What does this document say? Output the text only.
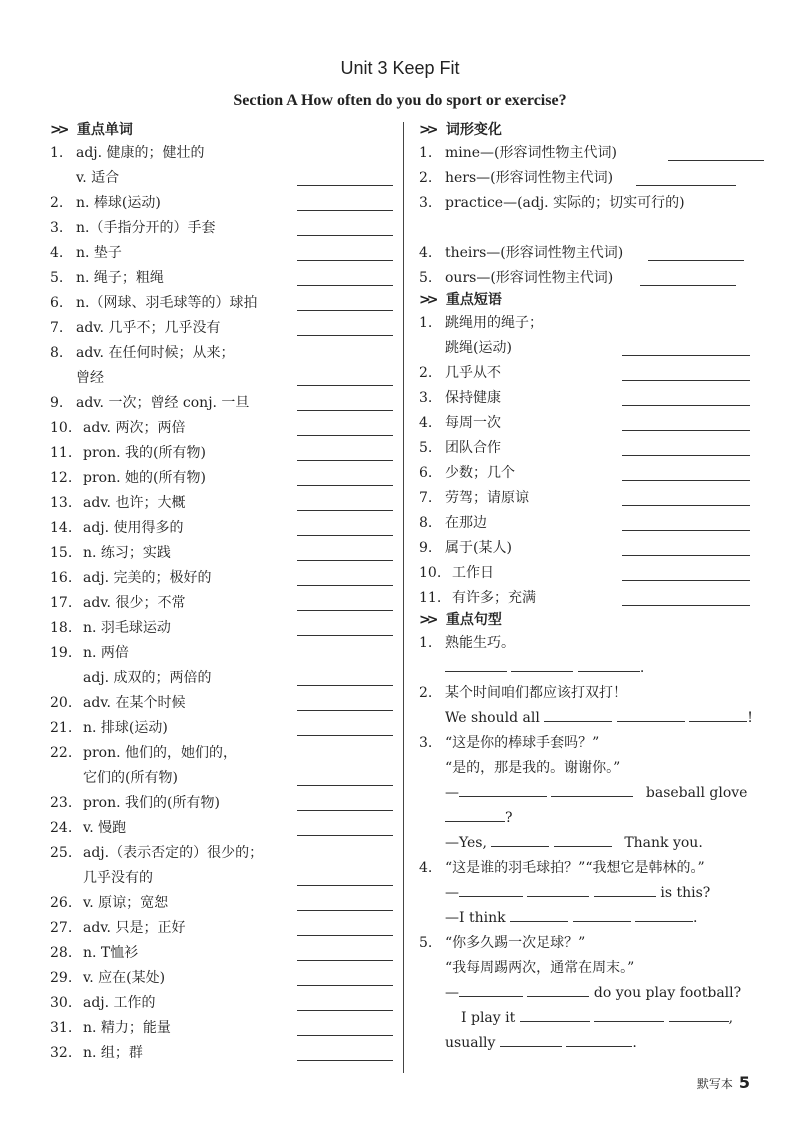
Unit 3 Keep Fit
Section A How often do you do sport or exercise?
>> 重点单词
1. adj. 健康的；健壮的
v. 适合
2. n. 棒球(运动)
3. n.（手指分开的）手套
4. n. 垫子
5. n. 绳子；粗绳
6. n.（网球、羽毛球等的）球拍
7. adv. 几乎不；几乎没有
8. adv. 在任何时候；从来；
曾经
9. adv. 一次；曾经 conj. 一旦
10. adv. 两次；两倍
11. pron. 我的(所有物)
12. pron. 她的(所有物)
13. adv. 也许；大概
14. adj. 使用得多的
15. n. 练习；实践
16. adj. 完美的；极好的
17. adv. 很少；不常
18. n. 羽毛球运动
19. n. 两倍
adj. 成双的；两倍的
20. adv. 在某个时候
21. n. 排球(运动)
22. pron. 他们的，她们的，
它们的(所有物)
23. pron. 我们的(所有物)
24. v. 慢跑
25. adj.（表示否定的）很少的；
几乎没有的
26. v. 原谅；宽恕
27. adv. 只是；正好
28. n. T恤衫
29. v. 应在(某处)
30. adj. 工作的
31. n. 精力；能量
32. n. 组；群
>> 词形变化
1. mine—(形容词性物主代词)
2. hers—(形容词性物主代词)
3. practice—(adj. 实际的；切实可行的)
4. theirs—(形容词性物主代词)
5. ours—(形容词性物主代词)
>> 重点短语
1. 跳绳用的绳子；
跳绳(运动)
2. 几乎从不
3. 保持健康
4. 每周一次
5. 团队合作
6. 少数；几个
7. 劳驾；请原谅
8. 在那边
9. 属于(某人)
10. 工作日
11. 有许多；充满
>> 重点句型
1. 熟能生巧。
.
2. 某个时间咱们都应该打双打！
We should all	!
3. “这是你的棒球手套吗？”
“是的，那是我的。谢谢你。”
—	baseball glove
?
—Yes,	Thank you.
4. “这是谁的羽毛球拍？”“我想它是韩林的。”
—	is this?
—I think	.
5. “你多久踢一次足球？”
“我每周踢两次，通常在周末。”
—	do you play football?
I play it	,
usually	.
默写本 5
